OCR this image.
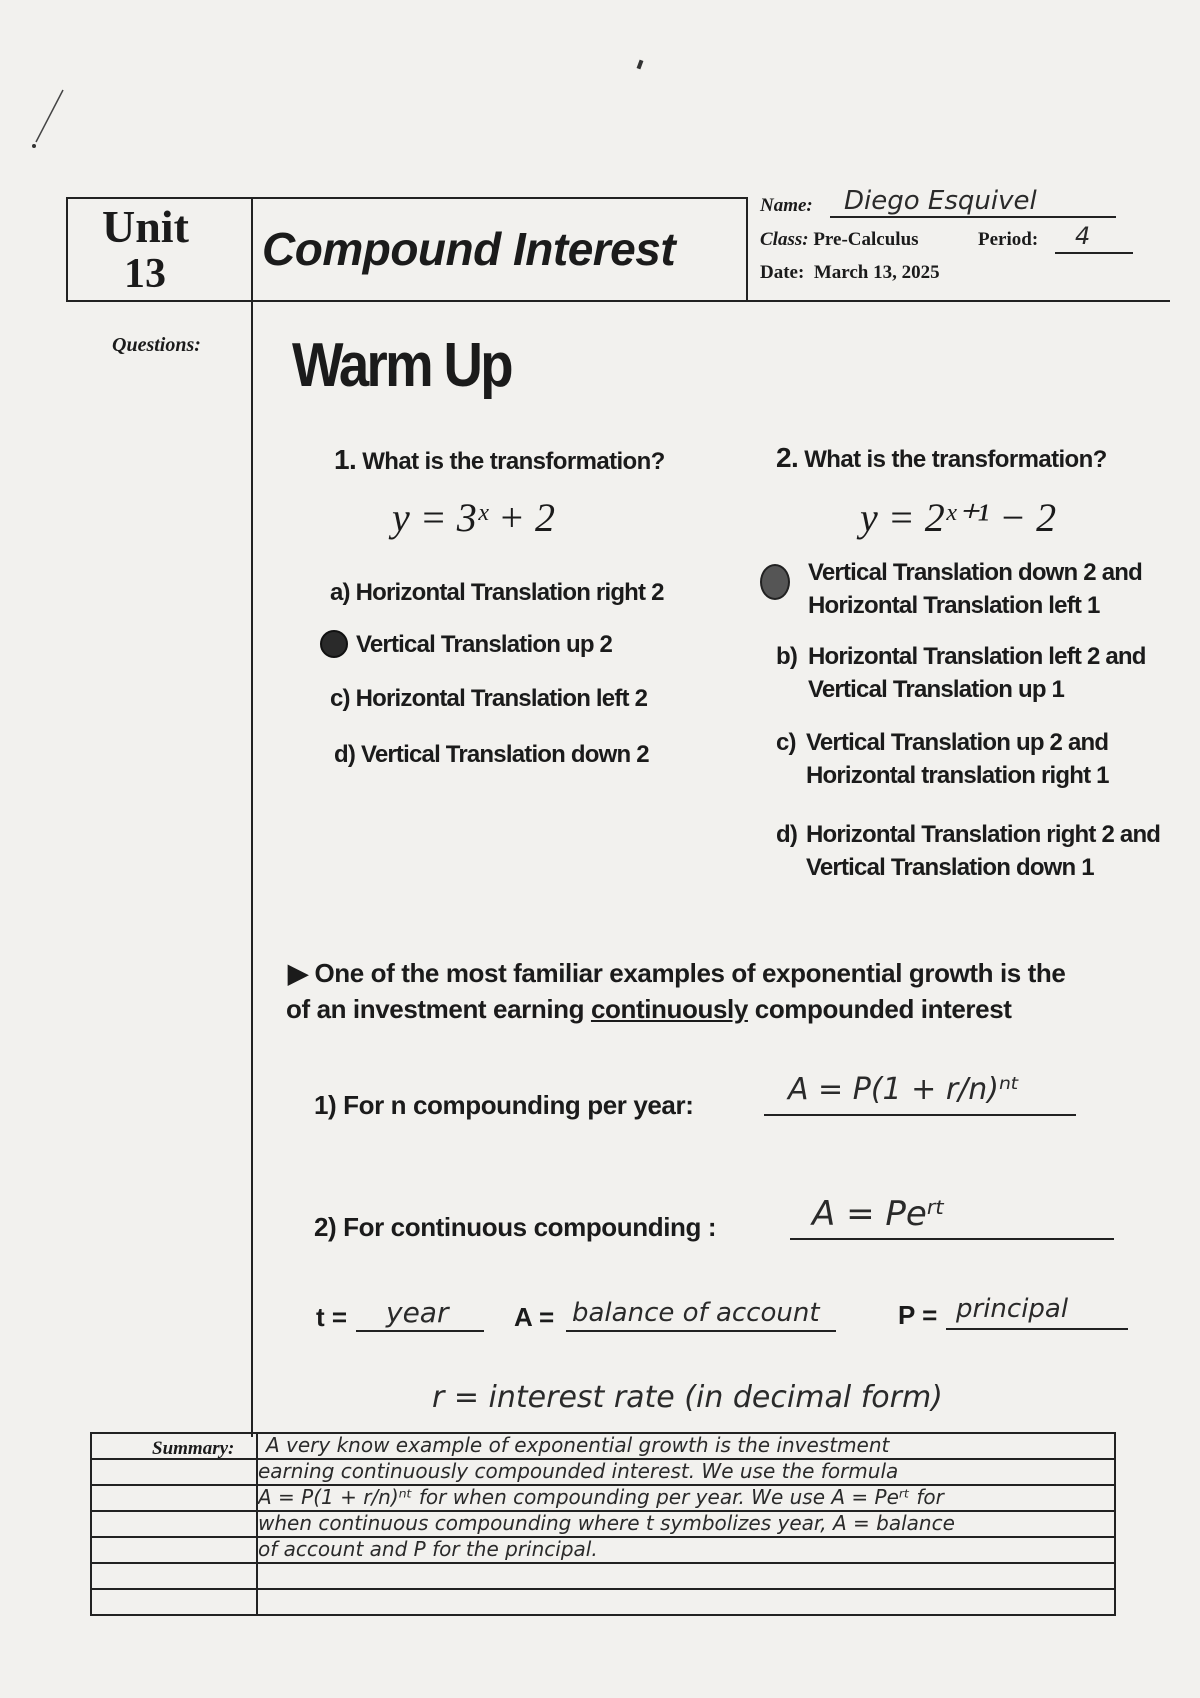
Unit
13 Compound Interest
Name: Diego Esquivel
Class: Pre-Calculus	Period: 4
Date: March 13, 2025
Questions: Warm Up
1. What is the transformation?
y = 3ˣ + 2
a) Horizontal Translation right 2
Vertical Translation up 2
c) Horizontal Translation left 2
d) Vertical Translation down 2
2. What is the transformation?
y = 2ˣ⁺¹ − 2
Vertical Translation down 2 and
Horizontal Translation left 1
b) Horizontal Translation left 2 and
Vertical Translation up 1
c) Vertical Translation up 2 and
Horizontal translation right 1
d) Horizontal Translation right 2 and
Vertical Translation down 1
▶ One of the most familiar examples of exponential growth is the
of an investment earning continuously compounded interest
1) For n compounding per year:	A = P(1 + r/n)ⁿᵗ
2) For continuous compounding :	A = Peʳᵗ
t = year	A = balance of account	P = principal
r = interest rate (in decimal form)
Summary: A very know example of exponential growth is the investment
earning continuously compounded interest. We use the formula
A = P(1 + r/n)ⁿᵗ for when compounding per year. We use A = Peʳᵗ for
when continuous compounding where t symbolizes year, A = balance
of account and P for the principal.
